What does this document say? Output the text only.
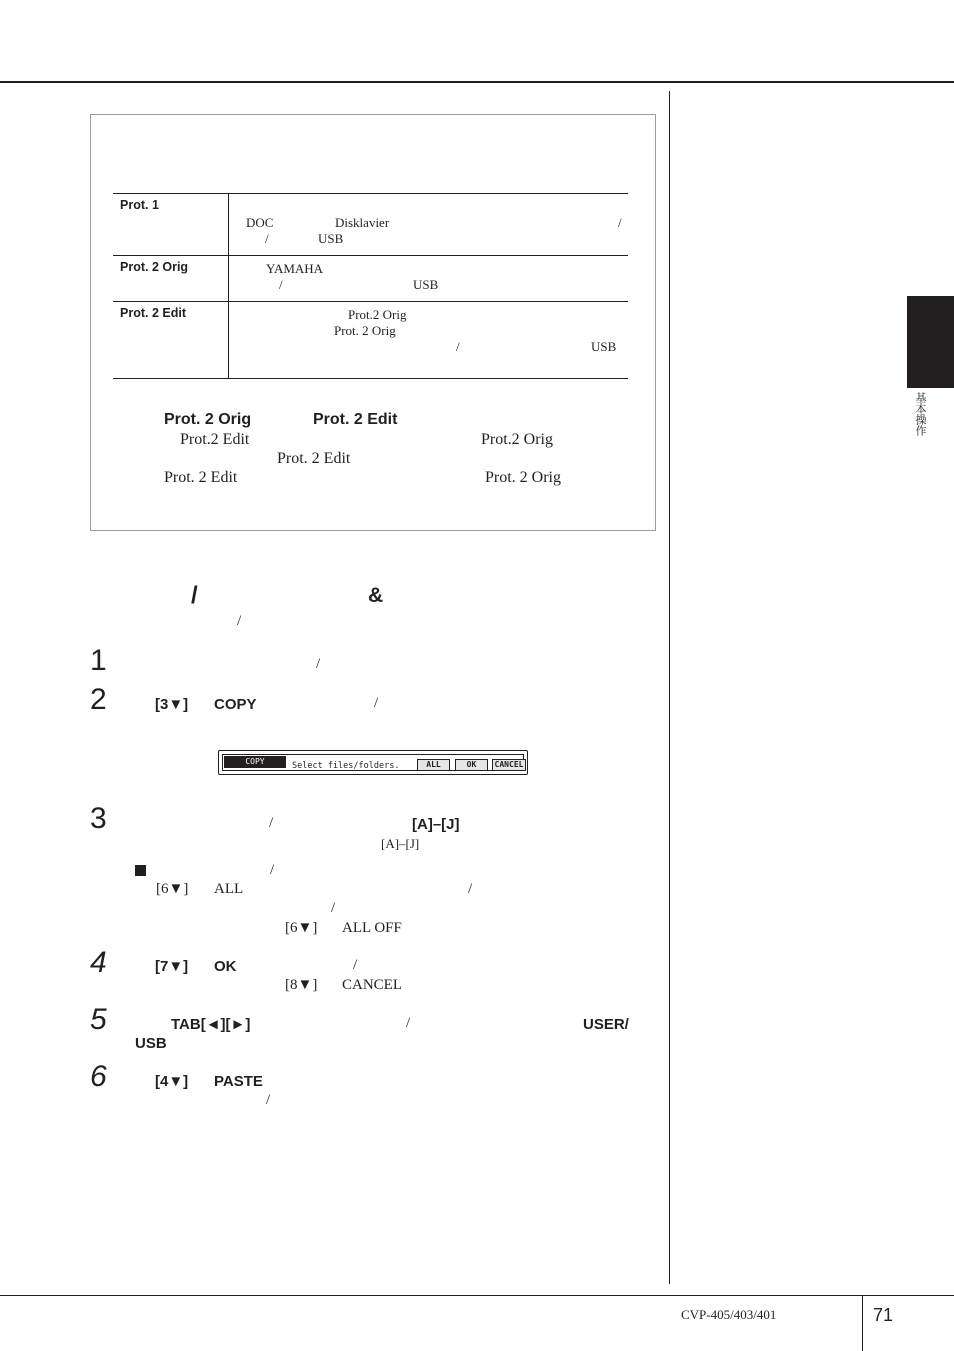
基本操作
Prot. 1
DOC	Disklavier	/
/	USB
Prot. 2 Orig	YAMAHA
/	USB
Prot. 2 Edit	Prot.2 Orig
Prot. 2 Orig
/	USB
Prot. 2 Orig	Prot. 2 Edit
Prot.2 Edit	Prot.2 Orig
Prot. 2 Edit
Prot. 2 Edit	Prot. 2 Orig
/	&
/
1	/
2	[3▼] COPY	/
COPY	Select files/folders.	ALL	OK	CANCEL
3	/	[A]–[J]
[A]–[J]
/
[6▼] ALL	/
/
[6▼] ALL OFF
4	[7▼] OK	/
[8▼] CANCEL
5	TAB[◄][►]	/	USER/
USB
6	[4▼] PASTE
/
CVP-405/403/401	71
